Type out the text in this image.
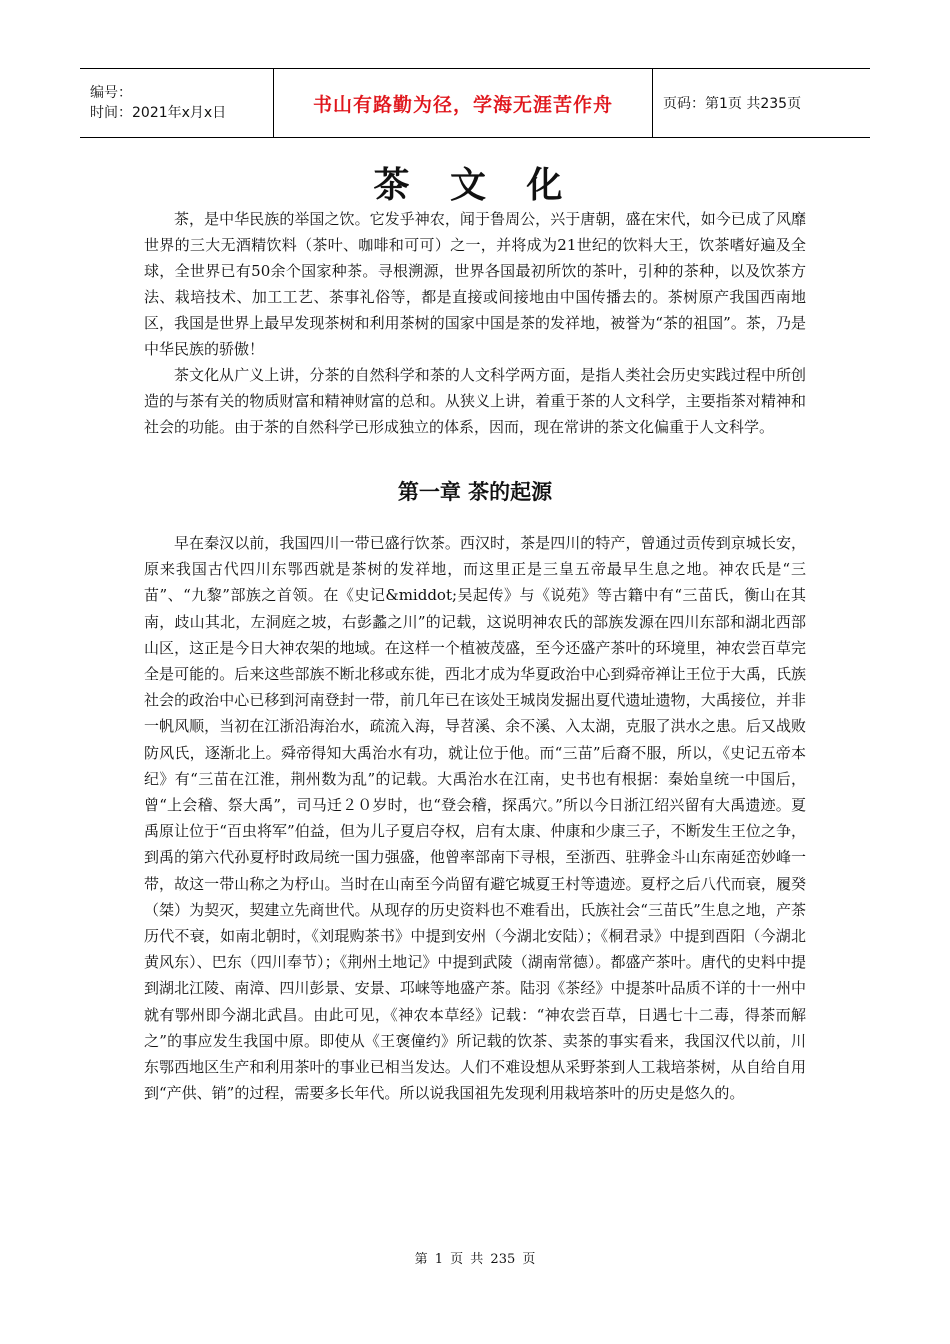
编号：
时间：2021年x月x日	书山有路勤为径，学海无涯苦作舟	页码：第1页 共235页
茶 文 化

茶，是中华民族的举国之饮。它发乎神农，闻于鲁周公，兴于唐朝，盛在宋代，如今已成了风靡世界的三大无酒精饮料（茶叶、咖啡和可可）之一，并将成为21世纪的饮料大王，饮茶嗜好遍及全球，全世界已有50余个国家种茶。寻根溯源，世界各国最初所饮的茶叶，引种的茶种，以及饮茶方法、栽培技术、加工工艺、茶事礼俗等，都是直接或间接地由中国传播去的。茶树原产我国西南地区，我国是世界上最早发现茶树和利用茶树的国家中国是茶的发祥地，被誉为“茶的祖国”。茶，乃是中华民族的骄傲！

茶文化从广义上讲，分茶的自然科学和茶的人文科学两方面，是指人类社会历史实践过程中所创造的与茶有关的物质财富和精神财富的总和。从狭义上讲，着重于茶的人文科学，主要指茶对精神和社会的功能。由于茶的自然科学已形成独立的体系，因而，现在常讲的茶文化偏重于人文科学。

第一章 茶的起源

早在秦汉以前，我国四川一带已盛行饮茶。西汉时，茶是四川的特产，曾通过贡传到京城长安，原来我国古代四川东鄂西就是茶树的发祥地，而这里正是三皇五帝最早生息之地。神农氏是“三苗”、“九黎”部族之首领。在《史记&middot;吴起传》与《说苑》等古籍中有“三苗氏，衡山在其南，歧山其北，左洞庭之坡，右彭蠡之川”的记载，这说明神农氏的部族发源在四川东部和湖北西部山区，这正是今日大神农架的地域。在这样一个植被茂盛，至今还盛产茶叶的环境里，神农尝百草完全是可能的。后来这些部族不断北移或东徙，西北才成为华夏政治中心到舜帝禅让王位于大禹，氏族社会的政治中心已移到河南登封一带，前几年已在该处王城岗发掘出夏代遗址遗物，大禹接位，并非一帆风顺，当初在江浙沿海治水，疏流入海，导苕溪、余不溪、入太湖，克服了洪水之患。后又战败防风氏，逐渐北上。舜帝得知大禹治水有功，就让位于他。而“三苗”后裔不服，所以，《史记五帝本纪》有“三苗在江淮，荆州数为乱”的记载。大禹治水在江南，史书也有根据：秦始皇统一中国后，曾“上会稽、祭大禹”，司马迁２０岁时，也“登会稽，探禹穴。”所以今日浙江绍兴留有大禹遗迹。夏禹原让位于“百虫将军”伯益，但为儿子夏启夺权，启有太康、仲康和少康三子，不断发生王位之争，到禹的第六代孙夏杼时政局统一国力强盛，他曾率部南下寻根，至浙西、驻骅金斗山东南延峦妙峰一带，故这一带山称之为杼山。当时在山南至今尚留有避它城夏王村等遗迹。夏杼之后八代而衰，履癸（桀）为契灭，契建立先商世代。从现存的历史资料也不难看出，氏族社会“三苗氏”生息之地，产茶历代不衰，如南北朝时，《刘琨购茶书》中提到安州（今湖北安陆）；《桐君录》中提到酉阳（今湖北黄风东）、巴东（四川奉节）；《荆州土地记》中提到武陵（湖南常德）。都盛产茶叶。唐代的史料中提到湖北江陵、南漳、四川彭景、安景、邛崃等地盛产茶。陆羽《茶经》中提茶叶品质不详的十一州中就有鄂州即今湖北武昌。由此可见，《神农本草经》记载：“神农尝百草，日遇七十二毒，得茶而解之”的事应发生我国中原。即使从《王褒僮约》所记载的饮茶、卖茶的事实看来，我国汉代以前，川东鄂西地区生产和利用茶叶的事业已相当发达。人们不难设想从采野茶到人工栽培茶树，从自给自用到“产供、销”的过程，需要多长年代。所以说我国祖先发现利用栽培茶叶的历史是悠久的。

第 1 页 共 235 页
